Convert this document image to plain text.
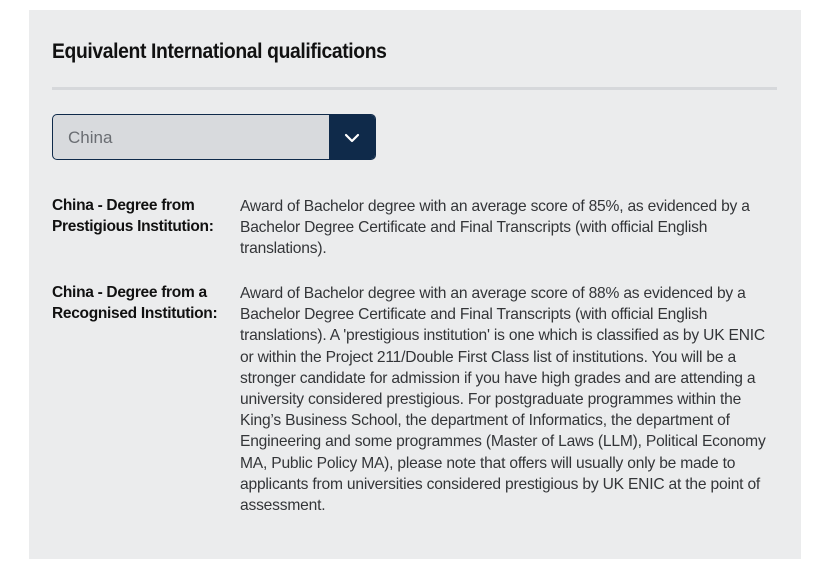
Equivalent International qualifications
China
China - Degree from Prestigious Institution:
Award of Bachelor degree with an average score of 85%, as evidenced by a Bachelor Degree Certificate and Final Transcripts (with official English translations).
China - Degree from a Recognised Institution:
Award of Bachelor degree with an average score of 88% as evidenced by a Bachelor Degree Certificate and Final Transcripts (with official English translations). A 'prestigious institution' is one which is classified as by UK ENIC or within the Project 211/Double First Class list of institutions. You will be a stronger candidate for admission if you have high grades and are attending a university considered prestigious. For postgraduate programmes within the King’s Business School, the department of Informatics, the department of Engineering and some programmes (Master of Laws (LLM), Political Economy MA, Public Policy MA), please note that offers will usually only be made to applicants from universities considered prestigious by UK ENIC at the point of assessment.
